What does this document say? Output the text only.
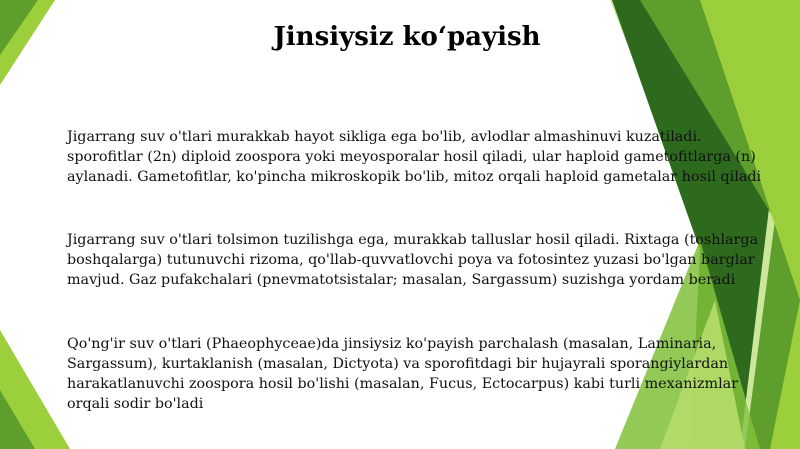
Jinsiysiz ko‘payish

Jigarrang suv o'tlari murakkab hayot sikliga ega bo'lib, avlodlar almashinuvi kuzatiladi. sporofitlar (2n) diploid zoospora yoki meyosporalar hosil qiladi, ular haploid gametofitlarga (n) aylanadi. Gametofitlar, ko'pincha mikroskopik bo'lib, mitoz orqali haploid gametalar hosil qiladi

Jigarrang suv o'tlari tolsimon tuzilishga ega, murakkab talluslar hosil qiladi. Rixtaga (toshlarga boshqalarga) tutunuvchi rizoma, qo'llab-quvvatlovchi poya va fotosintez yuzasi bo'lgan barglar mavjud. Gaz pufakchalari (pnevmatotsistalar; masalan, Sargassum) suzishga yordam beradi

Qo'ng'ir suv o'tlari (Phaeophyceae)da jinsiysiz ko'payish parchalash (masalan, Laminaria, Sargassum), kurtaklanish (masalan, Dictyota) va sporofitdagi bir hujayrali sporangiylardan harakatlanuvchi zoospora hosil bo'lishi (masalan, Fucus, Ectocarpus) kabi turli mexanizmlar orqali sodir bo'ladi
